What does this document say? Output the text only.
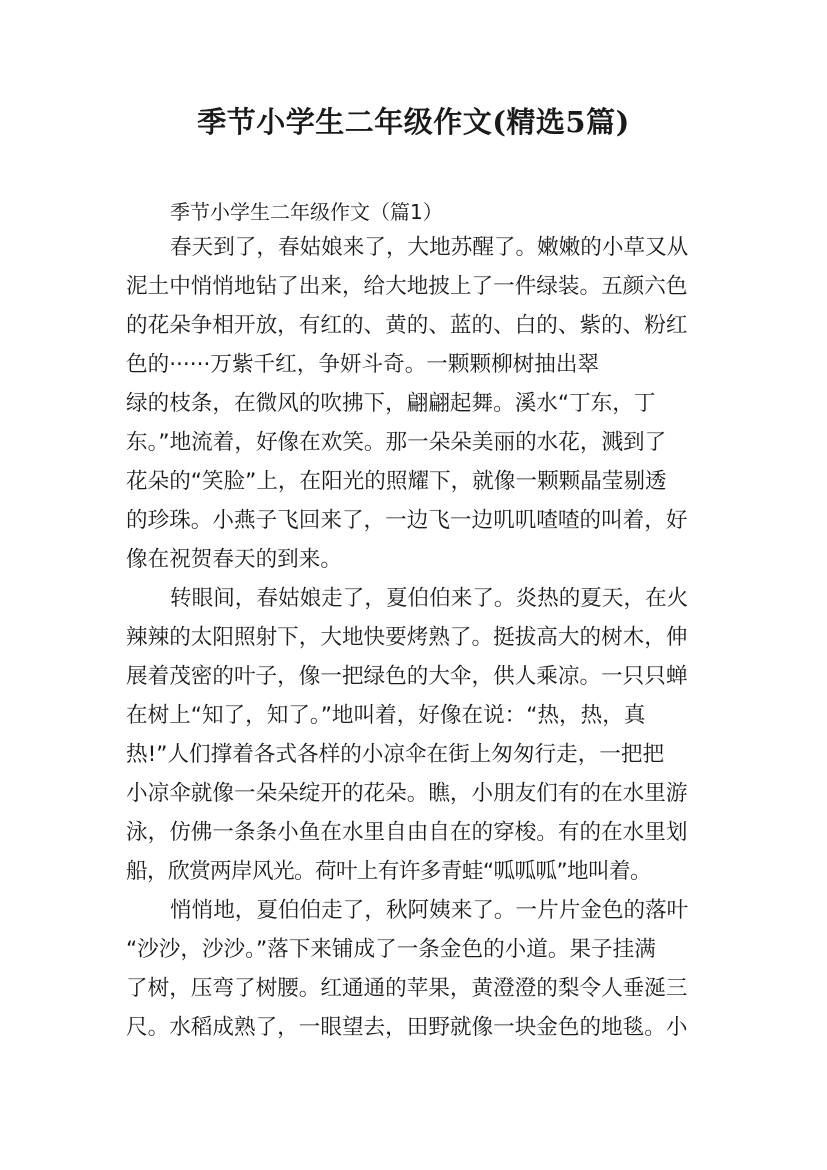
季节小学生二年级作文(精选5篇)
季节小学生二年级作文（篇1）
春天到了，春姑娘来了，大地苏醒了。嫩嫩的小草又从
泥土中悄悄地钻了出来，给大地披上了一件绿装。五颜六色
的花朵争相开放，有红的、黄的、蓝的、白的、紫的、粉红
色的······万紫千红，争妍斗奇。一颗颗柳树抽出翠
绿的枝条，在微风的吹拂下，翩翩起舞。溪水“丁东，丁
东。”地流着，好像在欢笑。那一朵朵美丽的水花，溅到了
花朵的“笑脸”上，在阳光的照耀下，就像一颗颗晶莹剔透
的珍珠。小燕子飞回来了，一边飞一边叽叽喳喳的叫着，好
像在祝贺春天的到来。
转眼间，春姑娘走了，夏伯伯来了。炎热的夏天，在火
辣辣的太阳照射下，大地快要烤熟了。挺拔高大的树木，伸
展着茂密的叶子，像一把绿色的大伞，供人乘凉。一只只蝉
在树上“知了，知了。”地叫着，好像在说：“热，热，真
热!”人们撑着各式各样的小凉伞在街上匆匆行走，一把把
小凉伞就像一朵朵绽开的花朵。瞧，小朋友们有的在水里游
泳，仿佛一条条小鱼在水里自由自在的穿梭。有的在水里划
船，欣赏两岸风光。荷叶上有许多青蛙“呱呱呱”地叫着。
悄悄地，夏伯伯走了，秋阿姨来了。一片片金色的落叶
“沙沙，沙沙。”落下来铺成了一条金色的小道。果子挂满
了树，压弯了树腰。红通通的苹果，黄澄澄的梨令人垂涎三
尺。水稻成熟了，一眼望去，田野就像一块金色的地毯。小
